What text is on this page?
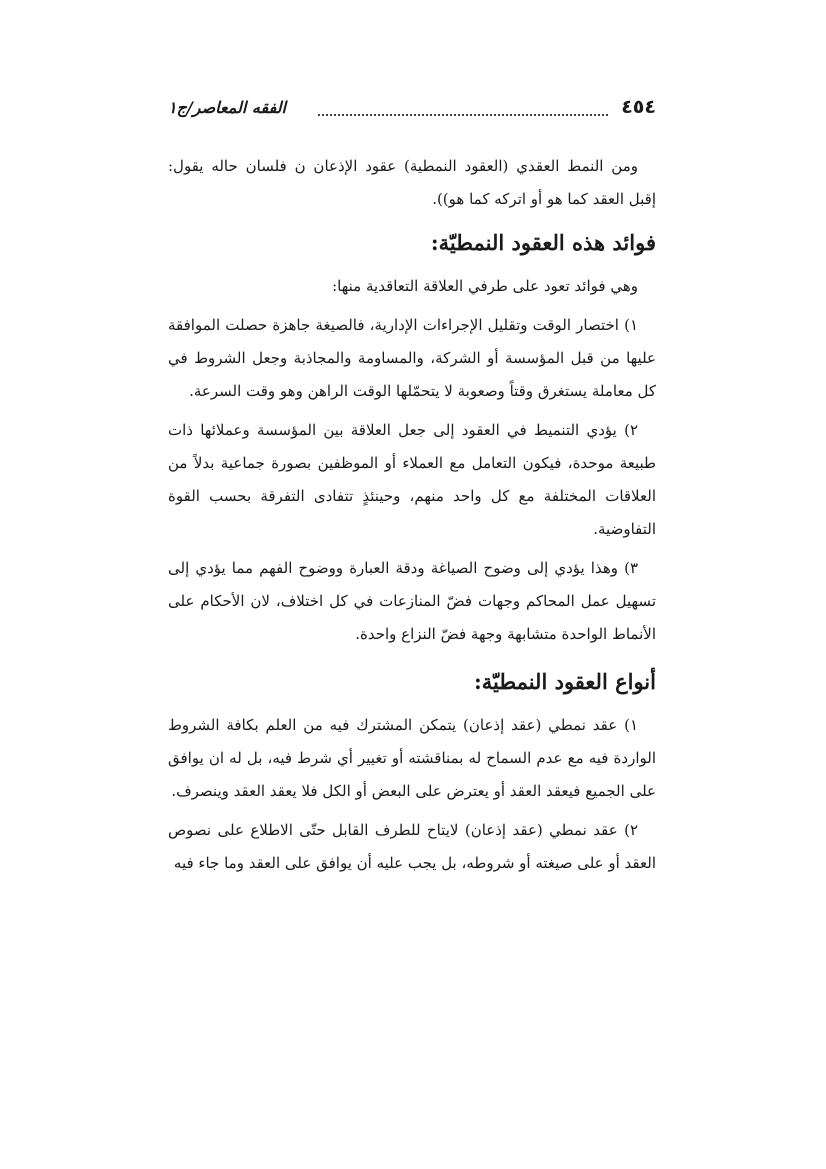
٤٥٤
الفقه المعاصر/ج١

ومن النمط العقدي (العقود النمطية) عقود الإذعان ن فلسان حاله يقول: إقبل العقد كما هو أو اتركه كما هو)).

فوائد هذه العقود النمطيّة:

وهي فوائد تعود على طرفي العلاقة التعاقدية منها:

١) اختصار الوقت وتقليل الإجراءات الإدارية، فالصيغة جاهزة حصلت الموافقة عليها من قبل المؤسسة أو الشركة، والمساومة والمجاذبة وجعل الشروط في كل معاملة يستغرق وقتاً وصعوبة لا يتحمّلها الوقت الراهن وهو وقت السرعة.

٢) يؤدي التنميط في العقود إلى جعل العلاقة بين المؤسسة وعملائها ذات طبيعة موحدة، فيكون التعامل مع العملاء أو الموظفين بصورة جماعية بدلاً من العلاقات المختلفة مع كل واحد منهم، وحينئذٍ تتفادى التفرقة بحسب القوة التفاوضية.

٣) وهذا يؤدي إلى وضوح الصياغة ودقة العبارة ووضوح الفهم مما يؤدي إلى تسهيل عمل المحاكم وجهات فضّ المنازعات في كل اختلاف، لان الأحكام على الأنماط الواحدة متشابهة وجهة فضّ النزاع واحدة.

أنواع العقود النمطيّة:

١) عقد نمطي (عقد إذعان) يتمكن المشترك فيه من العلم بكافة الشروط الواردة فيه مع عدم السماح له بمناقشته أو تغيير أي شرط فيه، بل له ان يوافق على الجميع فيعقد العقد أو يعترض على البعض أو الكل فلا يعقد العقد وينصرف.

٢) عقد نمطي (عقد إذعان) لايتاح للطرف القابل حتّى الاطلاع على نصوص العقد أو على صيغته أو شروطه، بل يجب عليه أن يوافق على العقد وما جاء فيه
